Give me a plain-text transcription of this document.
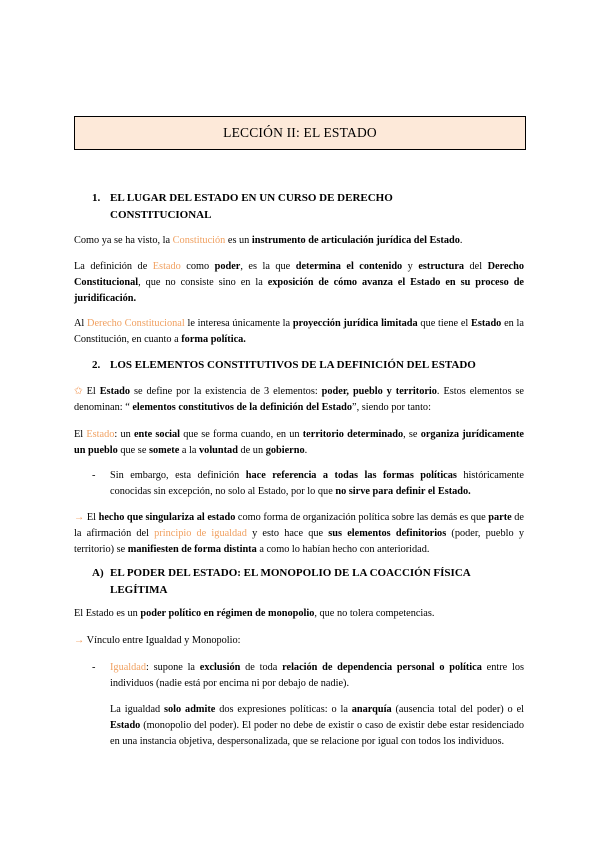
LECCIÓN II: EL ESTADO
1. EL LUGAR DEL ESTADO EN UN CURSO DE DERECHO
CONSTITUCIONAL
Como ya se ha visto, la Constitución es un instrumento de articulación jurídica del Estado.
La definición de Estado como poder, es la que determina el contenido y estructura del Derecho Constitucional, que no consiste sino en la exposición de cómo avanza el Estado en su proceso de juridificación.
Al Derecho Constitucional le interesa únicamente la proyección jurídica limitada que tiene el Estado en la Constitución, en cuanto a forma política.
2. LOS ELEMENTOS CONSTITUTIVOS DE LA DEFINICIÓN DEL ESTADO
✩ El Estado se define por la existencia de 3 elementos: poder, pueblo y territorio. Estos elementos se denominan: “ elementos constitutivos de la definición del Estado”, siendo por tanto:
El Estado: un ente social que se forma cuando, en un territorio determinado, se organiza jurídicamente un pueblo que se somete a la voluntad de un gobierno.
- Sin embargo, esta definición hace referencia a todas las formas políticas históricamente conocidas sin excepción, no solo al Estado, por lo que no sirve para definir el Estado.
→ El hecho que singulariza al estado como forma de organización política sobre las demás es que parte de la afirmación del principio de igualdad y esto hace que sus elementos definitorios (poder, pueblo y territorio) se manifiesten de forma distinta a como lo habían hecho con anterioridad.
A) EL PODER DEL ESTADO: EL MONOPOLIO DE LA COACCIÓN FÍSICA
LEGÍTIMA
El Estado es un poder político en régimen de monopolio, que no tolera competencias.
→ Vínculo entre Igualdad y Monopolio:
- Igualdad: supone la exclusión de toda relación de dependencia personal o política entre los individuos (nadie está por encima ni por debajo de nadie).
La igualdad solo admite dos expresiones políticas: o la anarquía (ausencia total del poder) o el Estado (monopolio del poder). El poder no debe de existir o caso de existir debe estar residenciado en una instancia objetiva, despersonalizada, que se relacione por igual con todos los individuos.
